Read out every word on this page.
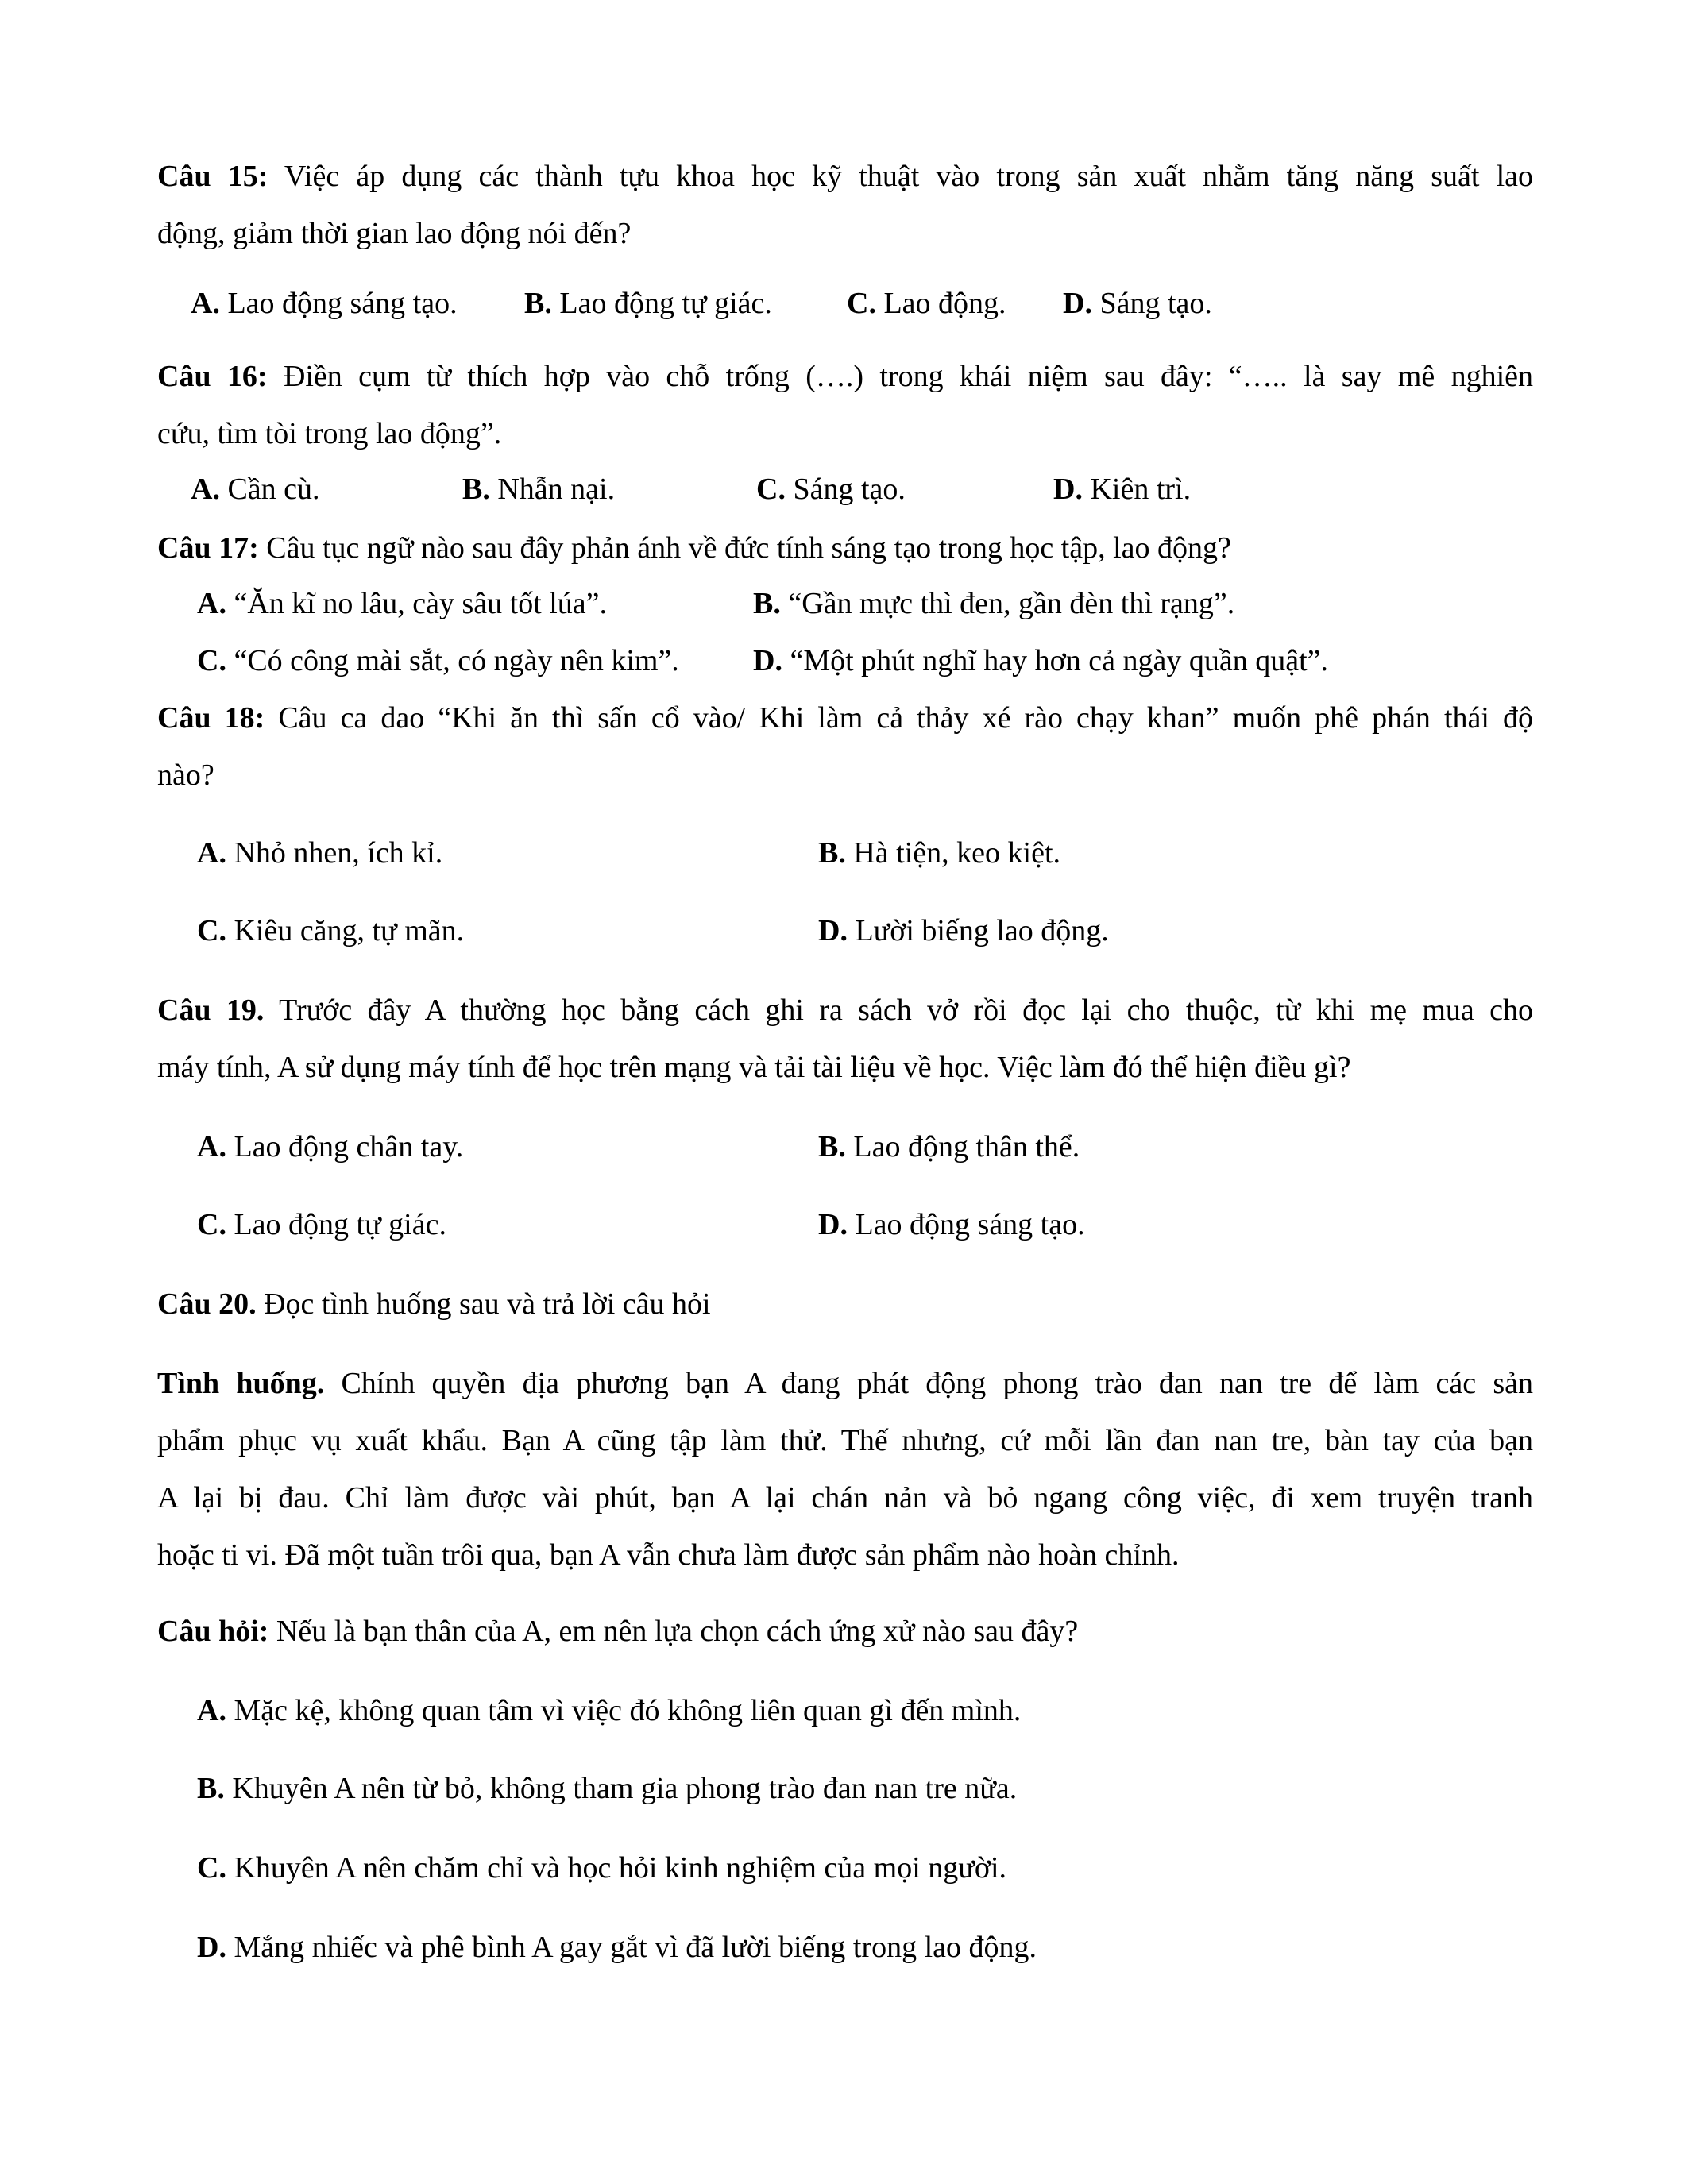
Câu 15: Việc áp dụng các thành tựu khoa học kỹ thuật vào trong sản xuất nhằm tăng năng suất lao
động, giảm thời gian lao động nói đến?
A. Lao động sáng tạo. B. Lao động tự giác. C. Lao động. D. Sáng tạo.
Câu 16: Điền cụm từ thích hợp vào chỗ trống (….) trong khái niệm sau đây: “….. là say mê nghiên
cứu, tìm tòi trong lao động”.
A. Cần cù.	B. Nhẫn nại.	C. Sáng tạo.	D. Kiên trì.
Câu 17: Câu tục ngữ nào sau đây phản ánh về đức tính sáng tạo trong học tập, lao động?
A. “Ăn kĩ no lâu, cày sâu tốt lúa”.	B. “Gần mực thì đen, gần đèn thì rạng”.
C. “Có công mài sắt, có ngày nên kim”. D. “Một phút nghĩ hay hơn cả ngày quần quật”.
Câu 18: Câu ca dao “Khi ăn thì sấn cổ vào/ Khi làm cả thảy xé rào chạy khan” muốn phê phán thái độ
nào?
A. Nhỏ nhen, ích kỉ.	B. Hà tiện, keo kiệt.
C. Kiêu căng, tự mãn.	D. Lười biếng lao động.
Câu 19. Trước đây A thường học bằng cách ghi ra sách vở rồi đọc lại cho thuộc, từ khi mẹ mua cho
máy tính, A sử dụng máy tính để học trên mạng và tải tài liệu về học. Việc làm đó thể hiện điều gì?
A. Lao động chân tay.	B. Lao động thân thể.
C. Lao động tự giác.	D. Lao động sáng tạo.
Câu 20. Đọc tình huống sau và trả lời câu hỏi
Tình huống. Chính quyền địa phương bạn A đang phát động phong trào đan nan tre để làm các sản
phẩm phục vụ xuất khẩu. Bạn A cũng tập làm thử. Thế nhưng, cứ mỗi lần đan nan tre, bàn tay của bạn
A lại bị đau. Chỉ làm được vài phút, bạn A lại chán nản và bỏ ngang công việc, đi xem truyện tranh
hoặc ti vi. Đã một tuần trôi qua, bạn A vẫn chưa làm được sản phẩm nào hoàn chỉnh.
Câu hỏi: Nếu là bạn thân của A, em nên lựa chọn cách ứng xử nào sau đây?
A. Mặc kệ, không quan tâm vì việc đó không liên quan gì đến mình.
B. Khuyên A nên từ bỏ, không tham gia phong trào đan nan tre nữa.
C. Khuyên A nên chăm chỉ và học hỏi kinh nghiệm của mọi người.
D. Mắng nhiếc và phê bình A gay gắt vì đã lười biếng trong lao động.
